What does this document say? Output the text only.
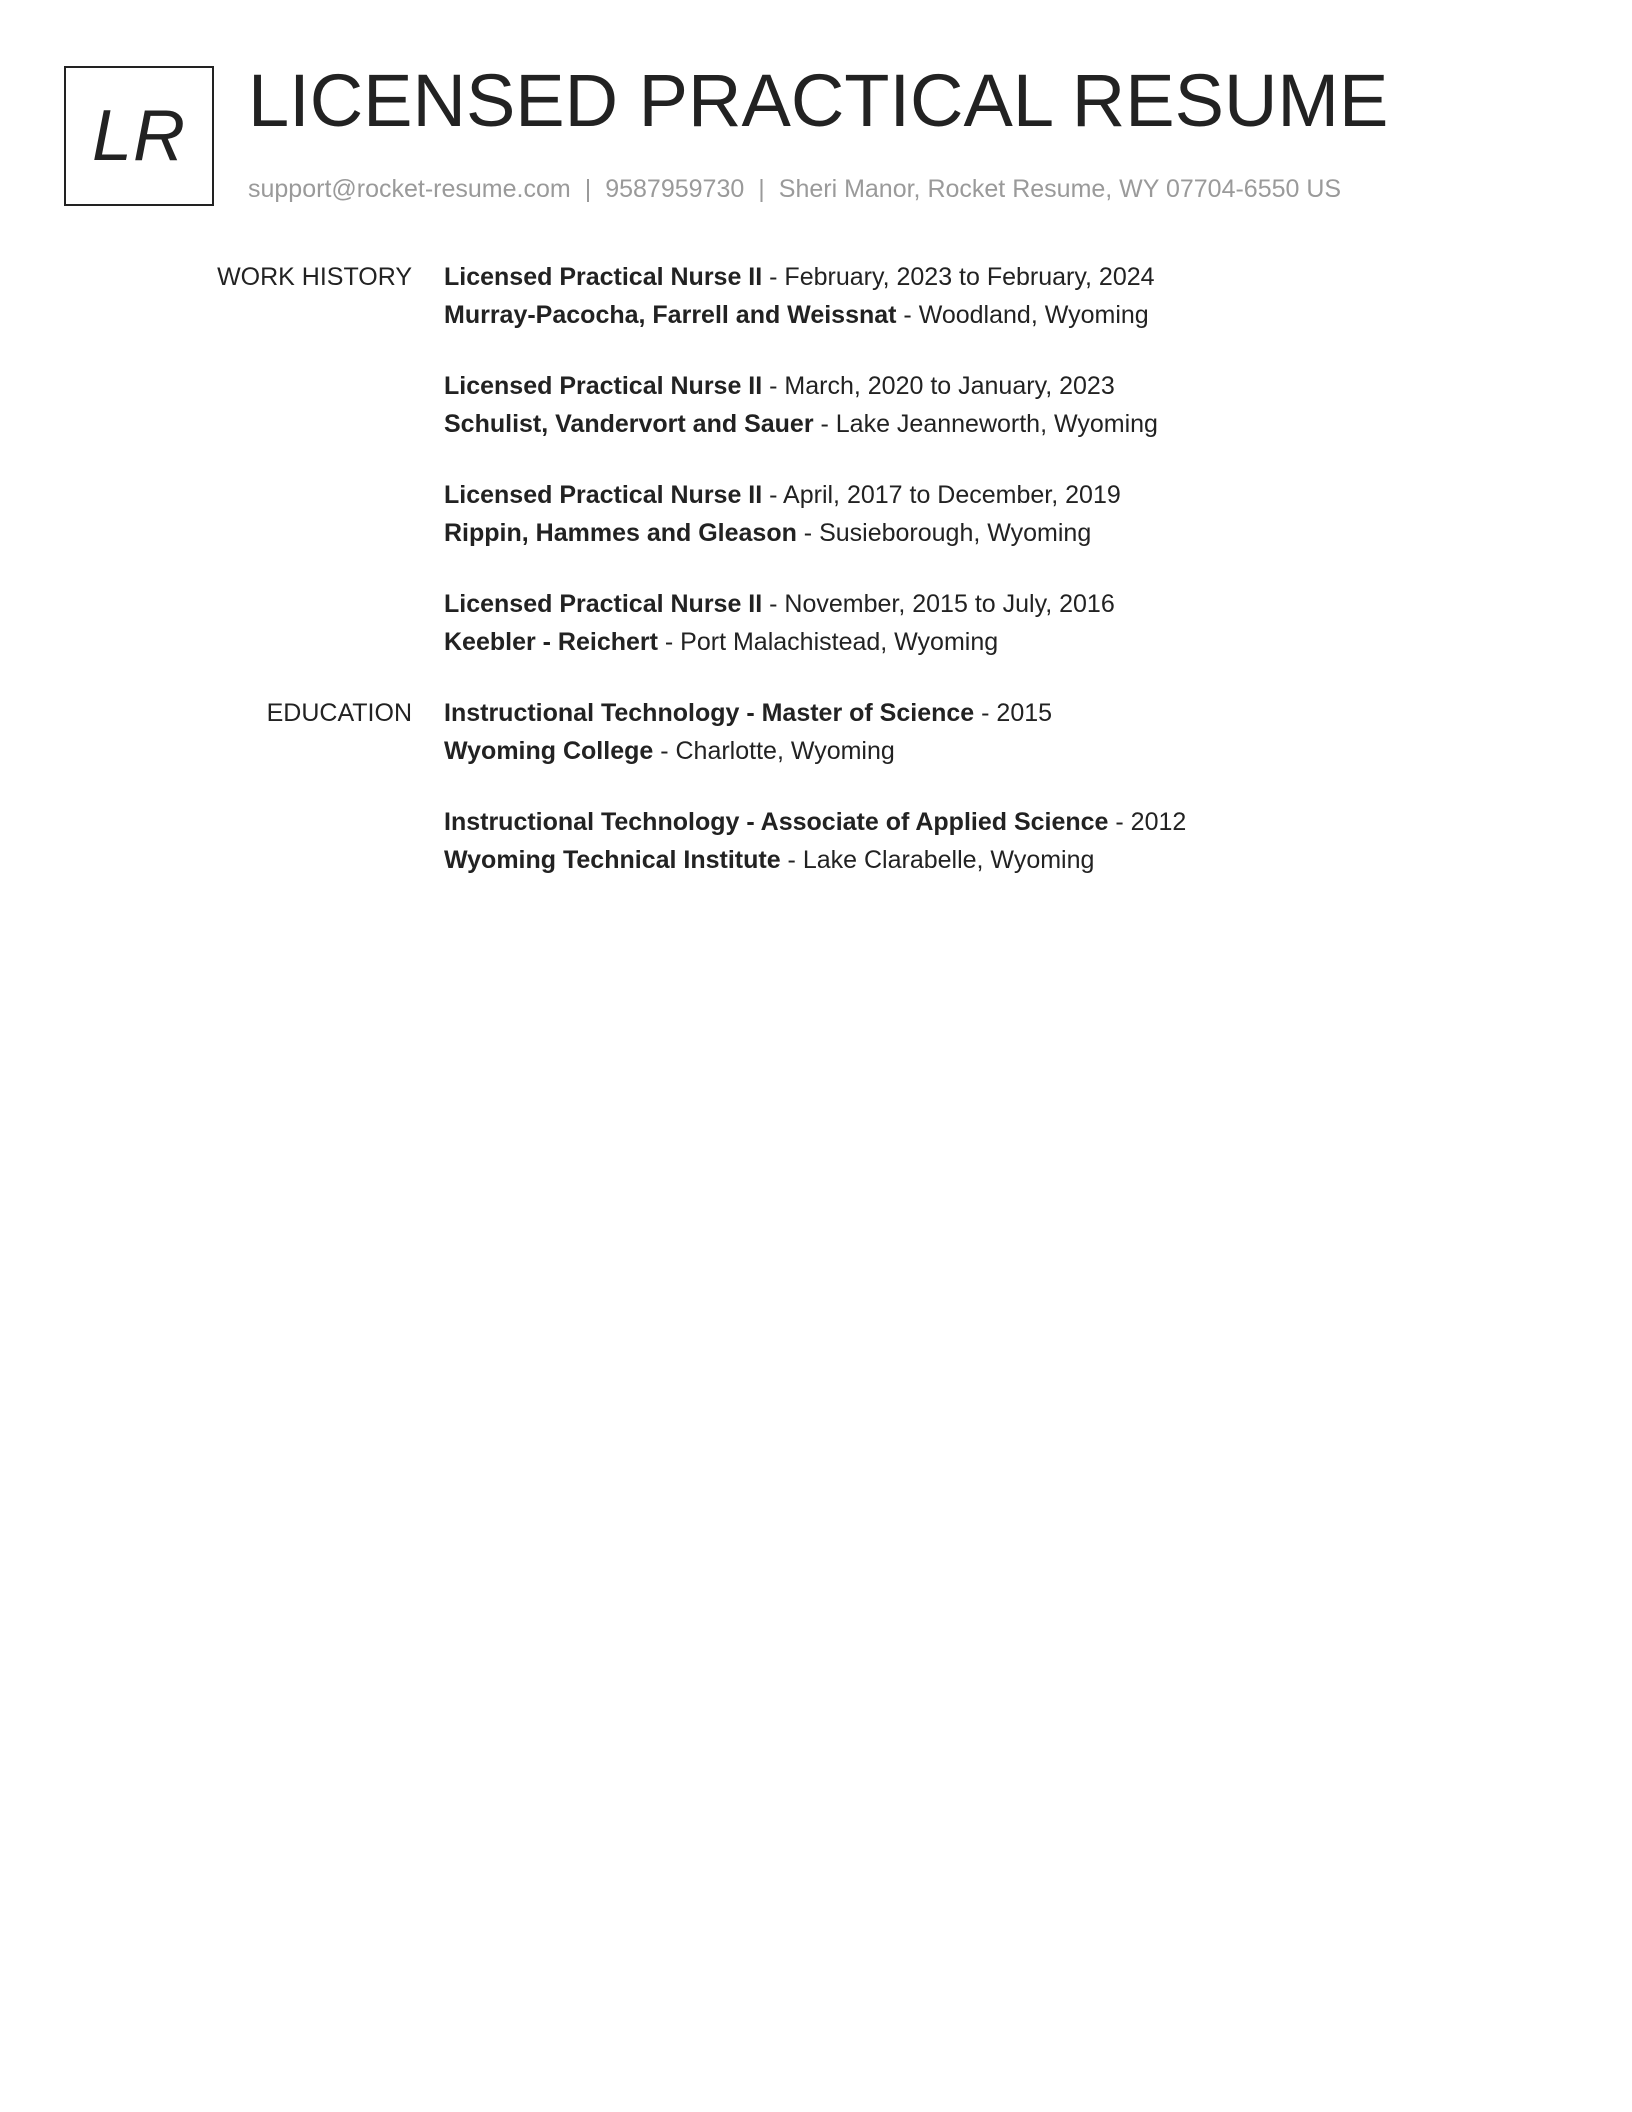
LR LICENSED PRACTICAL RESUME
support@rocket-resume.com | 9587959730 | Sheri Manor, Rocket Resume, WY 07704-6550 US
WORK HISTORY Licensed Practical Nurse II - February, 2023 to February, 2024
Murray-Pacocha, Farrell and Weissnat - Woodland, Wyoming
Licensed Practical Nurse II - March, 2020 to January, 2023
Schulist, Vandervort and Sauer - Lake Jeanneworth, Wyoming
Licensed Practical Nurse II - April, 2017 to December, 2019
Rippin, Hammes and Gleason - Susieborough, Wyoming
Licensed Practical Nurse II - November, 2015 to July, 2016
Keebler - Reichert - Port Malachistead, Wyoming
EDUCATION Instructional Technology - Master of Science - 2015
Wyoming College - Charlotte, Wyoming
Instructional Technology - Associate of Applied Science - 2012
Wyoming Technical Institute - Lake Clarabelle, Wyoming
